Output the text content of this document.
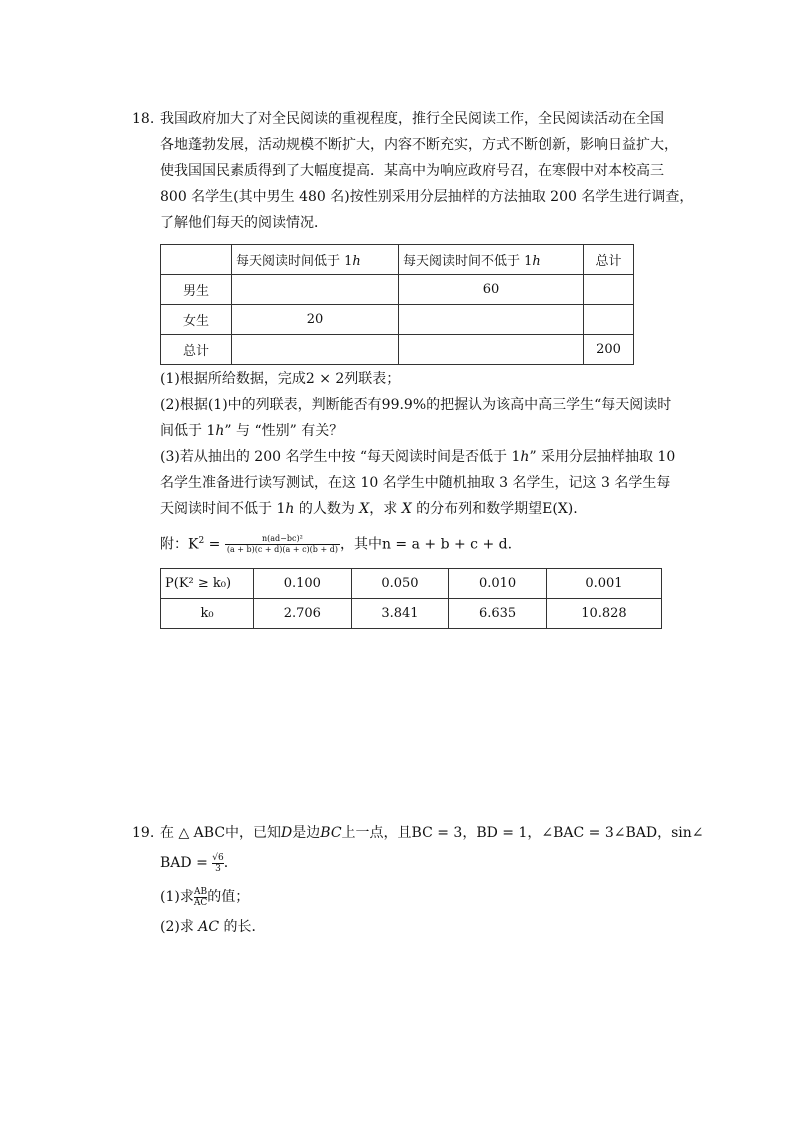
18. 我国政府加大了对全民阅读的重视程度，推行全民阅读工作，全民阅读活动在全国
各地蓬勃发展，活动规模不断扩大，内容不断充实，方式不断创新，影响日益扩大，
使我国国民素质得到了大幅度提高．某高中为响应政府号召，在寒假中对本校高三
800 名学生(其中男生 480 名)按性别采用分层抽样的方法抽取 200 名学生进行调查，
了解他们每天的阅读情况．
	每天阅读时间低于 1h	每天阅读时间不低于 1h	总计
男生		60	
女生	20		
总计			200
(1)根据所给数据，完成2 × 2列联表；
(2)根据(1)中的列联表，判断能否有99.9%的把握认为该高中高三学生“每天阅读时
间低于 1h” 与 “性别” 有关？
(3)若从抽出的 200 名学生中按 “每天阅读时间是否低于 1h” 采用分层抽样抽取 10
名学生准备进行读写测试，在这 10 名学生中随机抽取 3 名学生，记这 3 名学生每
天阅读时间不低于 1h 的人数为 X，求 X 的分布列和数学期望E(X).
附：$K^2 = \frac{\text{n(ad−bc)²}}{(a + b)(c + d)(a + c)(b + d)}$ ，其中n = a + b + c + d.
P(K² ≥ k₀)	0.100	0.050	0.010	0.001
k₀	2.706	3.841	6.635	10.828
19. 在 △ ABC中，已知D是边BC上一点，且BC = 3，BD = 1，∠BAC = 3∠BAD，sin∠
BAD = $\frac{√6}{3}$.
(1)求 $\frac{AB}{AC}$的值；
(2)求 AC 的长．
